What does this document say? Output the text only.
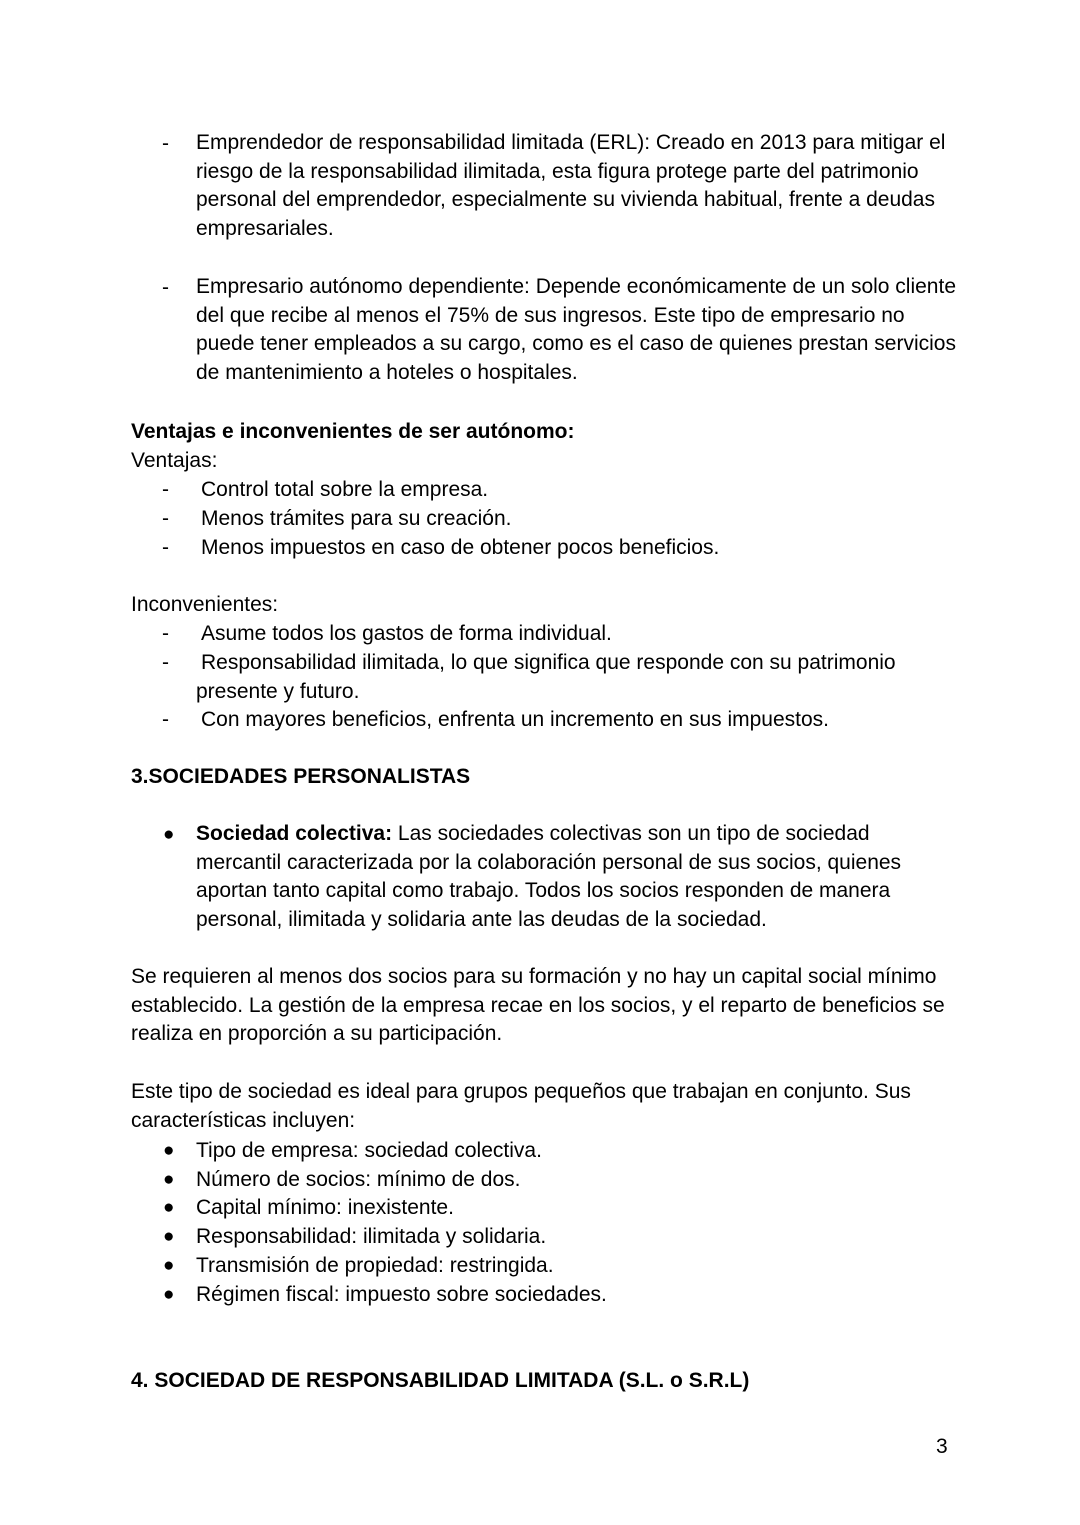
- Emprendedor de responsabilidad limitada (ERL): Creado en 2013 para mitigar el riesgo de la responsabilidad ilimitada, esta figura protege parte del patrimonio personal del emprendedor, especialmente su vivienda habitual, frente a deudas empresariales.
- Empresario autónomo dependiente: Depende económicamente de un solo cliente del que recibe al menos el 75% de sus ingresos. Este tipo de empresario no puede tener empleados a su cargo, como es el caso de quienes prestan servicios de mantenimiento a hoteles o hospitales.
Ventajas e inconvenientes de ser autónomo:
Ventajas:
- Control total sobre la empresa.
- Menos trámites para su creación.
- Menos impuestos en caso de obtener pocos beneficios.
Inconvenientes:
- Asume todos los gastos de forma individual.
- Responsabilidad ilimitada, lo que significa que responde con su patrimonio
presente y futuro.
- Con mayores beneficios, enfrenta un incremento en sus impuestos.
3.SOCIEDADES PERSONALISTAS
● Sociedad colectiva: Las sociedades colectivas son un tipo de sociedad mercantil caracterizada por la colaboración personal de sus socios, quienes aportan tanto capital como trabajo. Todos los socios responden de manera personal, ilimitada y solidaria ante las deudas de la sociedad.
Se requieren al menos dos socios para su formación y no hay un capital social mínimo establecido. La gestión de la empresa recae en los socios, y el reparto de beneficios se realiza en proporción a su participación.
Este tipo de sociedad es ideal para grupos pequeños que trabajan en conjunto. Sus características incluyen:
● Tipo de empresa: sociedad colectiva.
● Número de socios: mínimo de dos.
● Capital mínimo: inexistente.
● Responsabilidad: ilimitada y solidaria.
● Transmisión de propiedad: restringida.
● Régimen fiscal: impuesto sobre sociedades.
4. SOCIEDAD DE RESPONSABILIDAD LIMITADA (S.L. o S.R.L)
3
